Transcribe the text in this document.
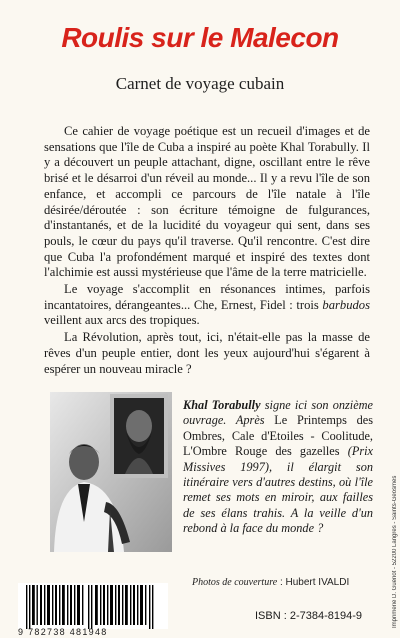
Roulis sur le Malecon
Carnet de voyage cubain

Ce cahier de voyage poétique est un recueil d'images et de sensations que l'île de Cuba a inspiré au poète Khal Torabully. Il y a découvert un peuple attachant, digne, oscillant entre le rêve brisé et le désarroi d'un réveil au monde... Il y a revu l'île de son enfance, et accompli ce parcours de l'île natale à l'île désirée/déroutée : son écriture témoigne de fulgurances, d'instantanés, et de la lucidité du voyageur qui sent, dans ses pouls, le cœur du pays qu'il traverse. Qu'il rencontre. C'est dire que Cuba l'a profondément marqué et inspiré des textes dont l'alchimie est aussi mystérieuse que l'âme de la terre matricielle.

Le voyage s'accomplit en résonances intimes, parfois incantatoires, dérangeantes... Che, Ernest, Fidel : trois barbudos veillent aux arcs des tropiques.

La Révolution, après tout, ici, n'était-elle pas la masse de rêves d'un peuple entier, dont les yeux aujourd'hui s'égarent à espérer un nouveau miracle ?

Khal Torabully signe ici son onzième ouvrage. Après Le Printemps des Ombres, Cale d'Etoiles - Coolitude, L'Ombre Rouge des gazelles (Prix Missives 1997), il élargit son itinéraire vers d'autres destins, où l'île remet ses mots en miroir, aux failles de ses élans trahis. A la veille d'un rebond à la face du monde ?
Photos de couverture : Hubert IVALDI
9 782738 481948
ISBN : 2-7384-8194-9	Imprimerie D. Guénot - 52200 Langres - Saints-Geosmes
